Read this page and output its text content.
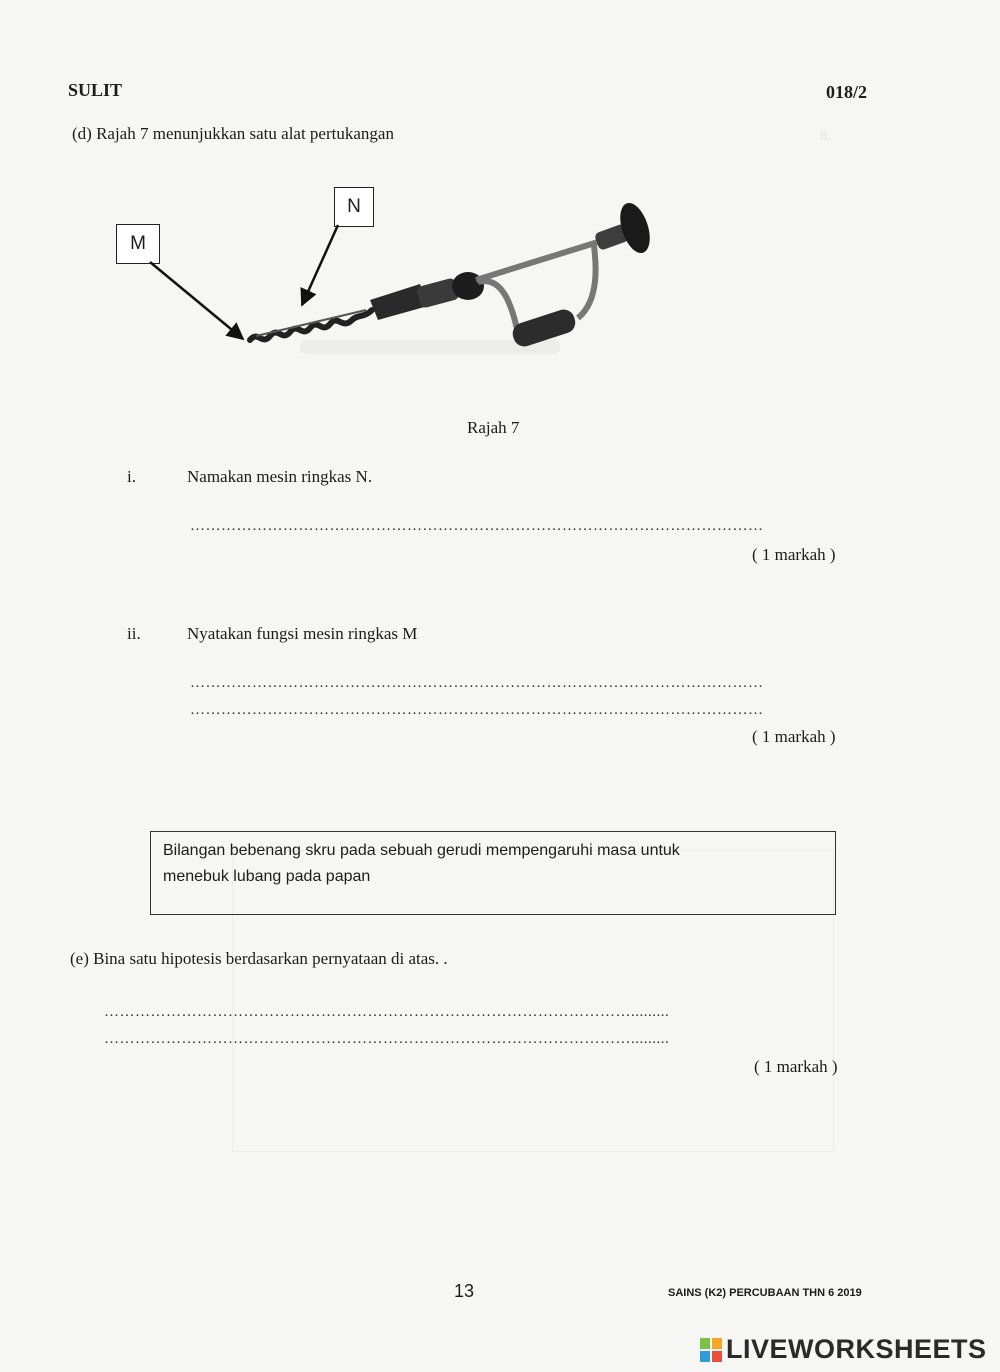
8.
SULIT	018/2
(d) Rajah 7 menunjukkan satu alat pertukangan
N
M
Rajah 7
i.	Namakan mesin ringkas N.
…………………………………………………………………………………………………
( 1 markah )
ii.	Nyatakan fungsi mesin ringkas M
…………………………………………………………………………………………………
…………………………………………………………………………………………………
( 1 markah )
Bilangan bebenang skru pada sebuah gerudi mempengaruhi masa untuk
menebuk lubang pada papan
(e) Bina satu hipotesis berdasarkan pernyataan di atas. .
………………………………………………………………………………………….........
………………………………………………………………………………………….........
( 1 markah )
13	SAINS (K2) PERCUBAAN THN 6 2019
LIVEWORKSHEETS
